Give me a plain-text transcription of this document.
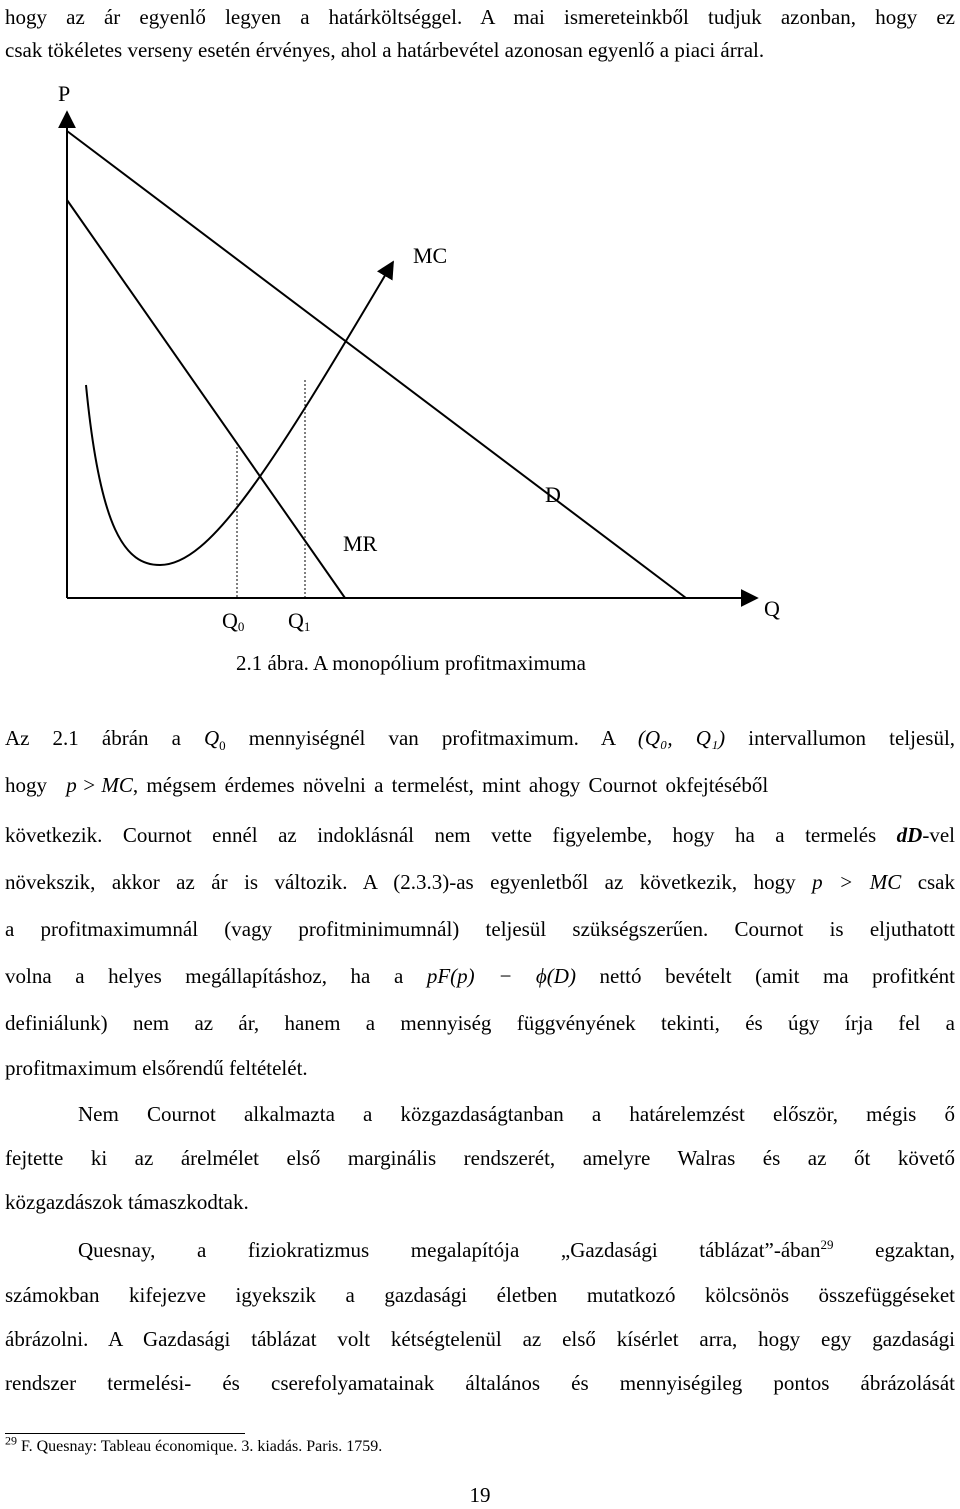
hogy az ár egyenlő legyen a határköltséggel. A mai ismereteinkből tudjuk azonban, hogy ez

csak tökéletes verseny esetén érvényes, ahol a határbevétel azonosan egyenlő a piaci árral.

P
Q
MC
D
MR
Q0 Q1
2.1 ábra. A monopólium profitmaximuma

Az 2.1 ábrán a $Q_0$ mennyiségnél van profitmaximum. A (Q₀, Q₁) intervallumon teljesül,

hogy p > MC, mégsem érdemes növelni a termelést, mint ahogy Cournot okfejtéséből

következik. Cournot ennél az indoklásnál nem vette figyelembe, hogy ha a termelés dD-vel

növekszik, akkor az ár is változik. A (2.3.3)-as egyenletből az következik, hogy p > MC csak

a profitmaximumnál (vagy profitminimumnál) teljesül szükségszerűen. Cournot is eljuthatott

volna a helyes megállapításhoz, ha a pF(p) − ϕ(D) nettó bevételt (amit ma profitként

definiálunk) nem az ár, hanem a mennyiség függvényének tekinti, és úgy írja fel a

profitmaximum elsőrendű feltételét.

Nem Cournot alkalmazta a közgazdaságtanban a határelemzést először, mégis ő

fejtette ki az árelmélet első marginális rendszerét, amelyre Walras és az őt követő

közgazdászok támaszkodtak.

Quesnay, a fiziokratizmus megalapítója „Gazdasági táblázat”-ában$^{29}$ egzaktan,

számokban kifejezve igyekszik a gazdasági életben mutatkozó kölcsönös összefüggéseket

ábrázolni. A Gazdasági táblázat volt kétségtelenül az első kísérlet arra, hogy egy gazdasági

rendszer termelési- és cserefolyamatainak általános és mennyiségileg pontos ábrázolását

$^{29}$ F. Quesnay: Tableau économique. 3. kiadás. Paris. 1759.
19
